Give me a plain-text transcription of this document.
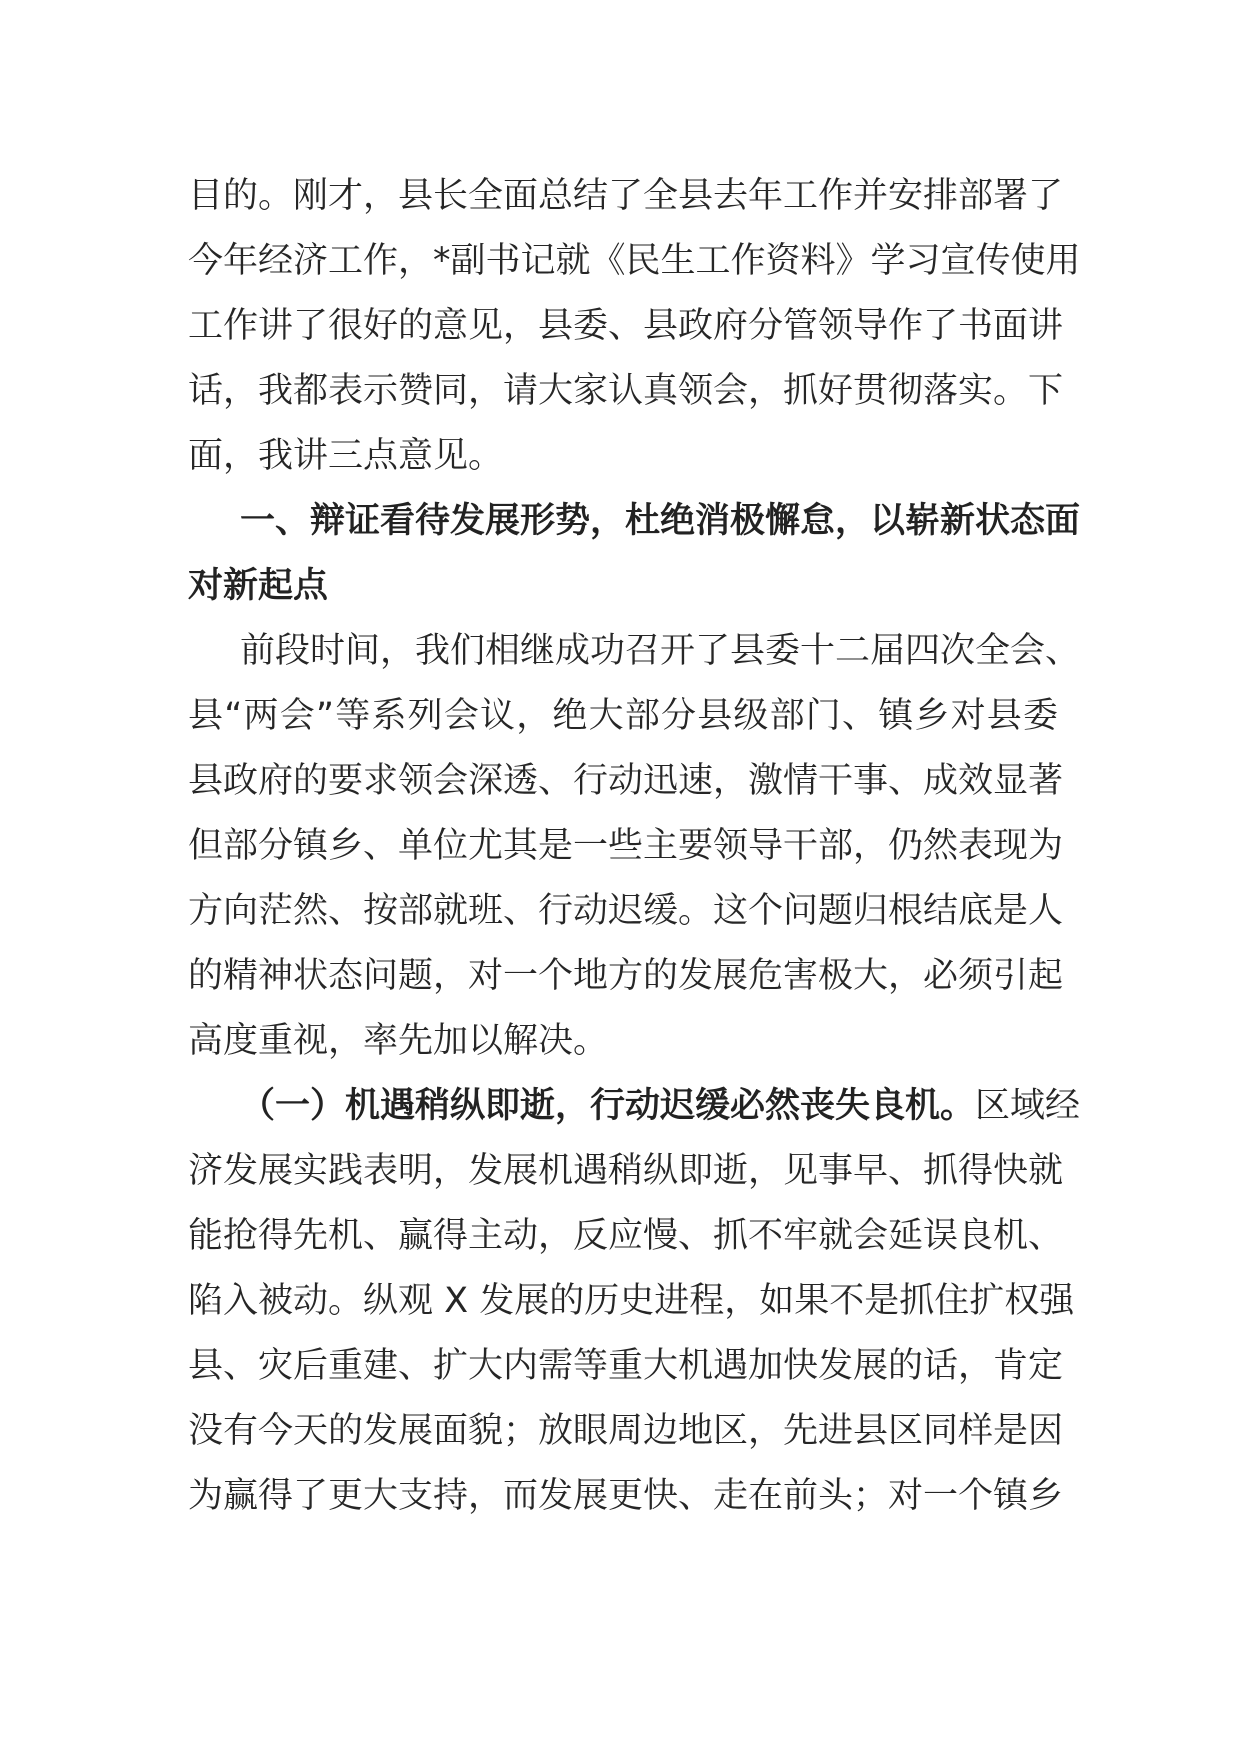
目的。刚才，县长全面总结了全县去年工作并安排部署了
今年经济工作，*副书记就《民生工作资料》学习宣传使用
工作讲了很好的意见，县委、县政府分管领导作了书面讲
话，我都表示赞同，请大家认真领会，抓好贯彻落实。下
面，我讲三点意见。
一、辩证看待发展形势，杜绝消极懈怠，以崭新状态面
对新起点
前段时间，我们相继成功召开了县委十二届四次全会、
县“两会”等系列会议，绝大部分县级部门、镇乡对县委
县政府的要求领会深透、行动迅速，激情干事、成效显著
但部分镇乡、单位尤其是一些主要领导干部，仍然表现为
方向茫然、按部就班、行动迟缓。这个问题归根结底是人
的精神状态问题，对一个地方的发展危害极大，必须引起
高度重视，率先加以解决。
（一）机遇稍纵即逝，行动迟缓必然丧失良机。区域经
济发展实践表明，发展机遇稍纵即逝，见事早、抓得快就
能抢得先机、赢得主动，反应慢、抓不牢就会延误良机、
陷入被动。纵观 X 发展的历史进程，如果不是抓住扩权强
县、灾后重建、扩大内需等重大机遇加快发展的话，肯定
没有今天的发展面貌；放眼周边地区，先进县区同样是因
为赢得了更大支持，而发展更快、走在前头；对一个镇乡
